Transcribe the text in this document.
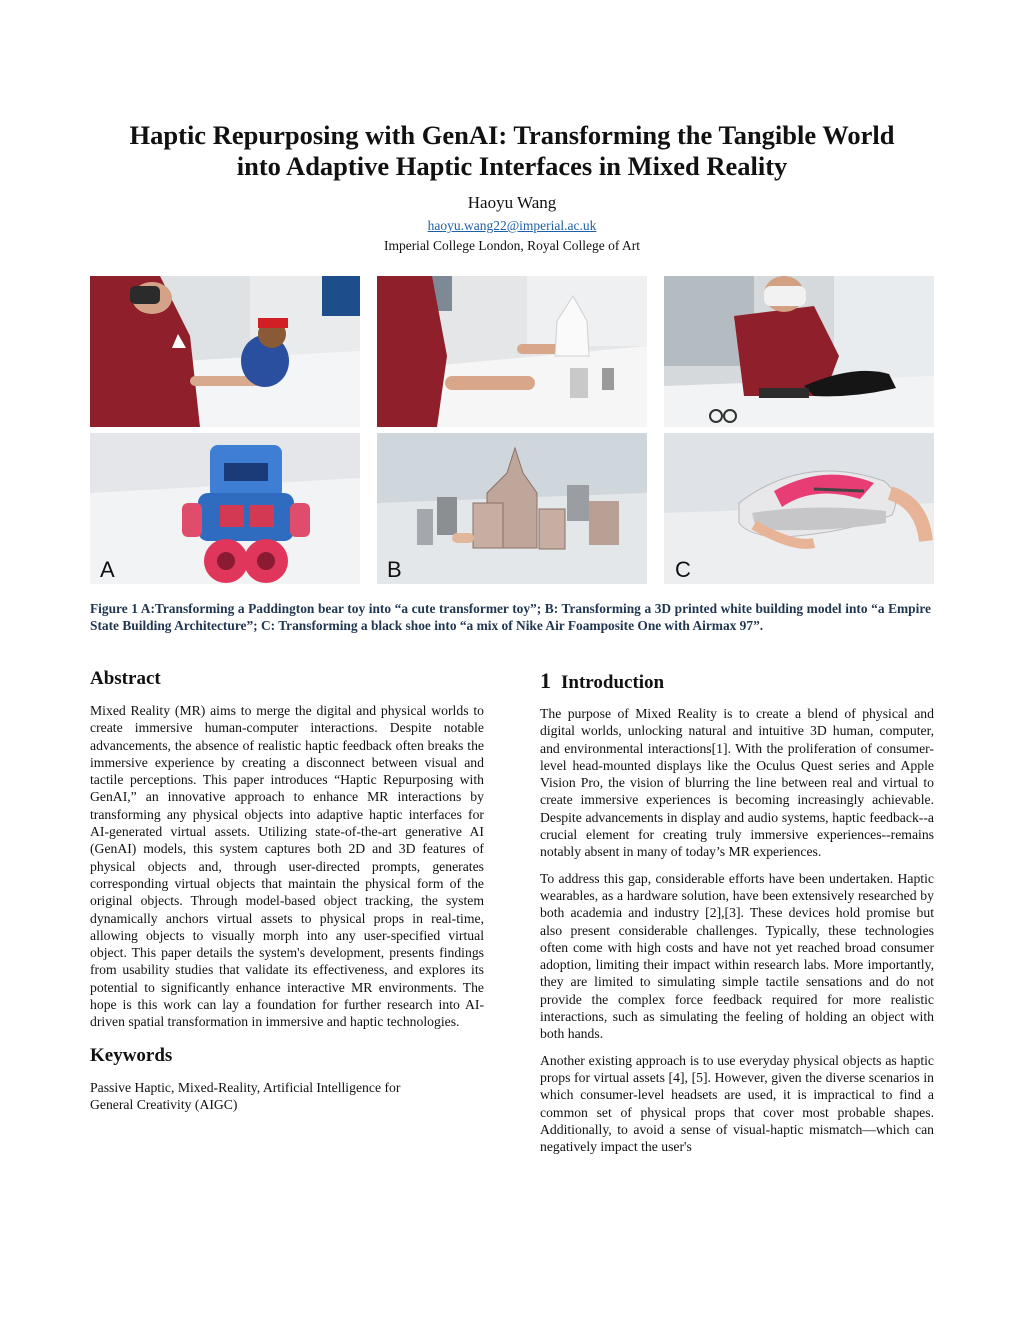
Haptic Repurposing with GenAI: Transforming the Tangible World
into Adaptive Haptic Interfaces in Mixed Reality
Haoyu Wang
haoyu.wang22@imperial.ac.uk
Imperial College London, Royal College of Art
A	B	C
Figure 1 A:Transforming a Paddington bear toy into “a cute transformer toy”; B: Transforming a 3D printed white building model into “a Empire State Building Architecture”; C: Transforming a black shoe into “a mix of Nike Air Foamposite One with Airmax 97”.
Abstract

Mixed Reality (MR) aims to merge the digital and physical worlds to create immersive human-computer interactions. Despite notable advancements, the absence of realistic haptic feedback often breaks the immersive experience by creating a disconnect between visual and tactile perceptions. This paper introduces “Haptic Repurposing with GenAI,” an innovative approach to enhance MR interactions by transforming any physical objects into adaptive haptic interfaces for AI-generated virtual assets. Utilizing state-of-the-art generative AI (GenAI) models, this system captures both 2D and 3D features of physical objects and, through user-directed prompts, generates corresponding virtual objects that maintain the physical form of the original objects. Through model-based object tracking, the system dynamically anchors virtual assets to physical props in real-time, allowing objects to visually morph into any user-specified virtual object. This paper details the system's development, presents findings from usability studies that validate its effectiveness, and explores its potential to significantly enhance interactive MR environments. The hope is this work can lay a foundation for further research into AI-driven spatial transformation in immersive and haptic technologies.

Keywords

Passive Haptic, Mixed-Reality, Artificial Intelligence for General Creativity (AIGC)

1 Introduction

The purpose of Mixed Reality is to create a blend of physical and digital worlds, unlocking natural and intuitive 3D human, computer, and environmental interactions[1]. With the proliferation of consumer-level head-mounted displays like the Oculus Quest series and Apple Vision Pro, the vision of blurring the line between real and virtual to create immersive experiences is becoming increasingly achievable. Despite advancements in display and audio systems, haptic feedback--a crucial element for creating truly immersive experiences--remains notably absent in many of today’s MR experiences.

To address this gap, considerable efforts have been undertaken. Haptic wearables, as a hardware solution, have been extensively researched by both academia and industry [2],[3]. These devices hold promise but also present considerable challenges. Typically, these technologies often come with high costs and have not yet reached broad consumer adoption, limiting their impact within research labs. More importantly, they are limited to simulating simple tactile sensations and do not provide the complex force feedback required for more realistic interactions, such as simulating the feeling of holding an object with both hands.

Another existing approach is to use everyday physical objects as haptic props for virtual assets [4], [5]. However, given the diverse scenarios in which consumer-level headsets are used, it is impractical to find a common set of physical props that cover most probable shapes. Additionally, to avoid a sense of visual-haptic mismatch—which can negatively impact the user's
